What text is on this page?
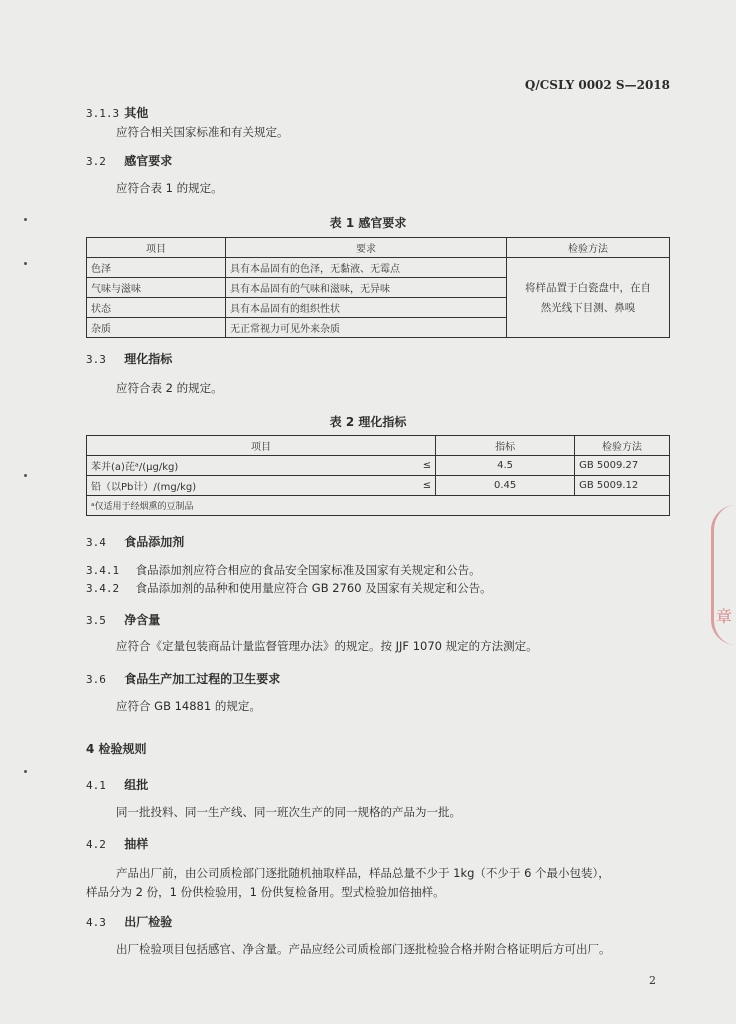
Q/CSLY 0002 S—2018
3.1.3 其他
应符合相关国家标准和有关规定。
3.2 感官要求
应符合表 1 的规定。
表 1 感官要求
项目	要求	检验方法
色泽	具有本品固有的色泽，无黏液、无霉点	将样品置于白瓷盘中，在自
然光线下目测、鼻嗅

气味与滋味	具有本品固有的气味和滋味，无异味	
状态	具有本品固有的组织性状	
杂质	无正常视力可见外来杂质	
3.3 理化指标
应符合表 2 的规定。
表 2 理化指标
项目		指标	检验方法
苯并(a)芘ᵃ/(μg/kg)	≤	4.5	GB 5009.27
铅（以Pb计）/(mg/kg)	≤	0.45	GB 5009.12
ᵃ仅适用于经烟熏的豆制品			
3.4 食品添加剂
3.4.1 食品添加剂应符合相应的食品安全国家标准及国家有关规定和公告。
3.4.2 食品添加剂的品种和使用量应符合 GB 2760 及国家有关规定和公告。
3.5 净含量
应符合《定量包装商品计量监督管理办法》的规定。按 JJF 1070 规定的方法测定。
3.6 食品生产加工过程的卫生要求
应符合 GB 14881 的规定。
4 检验规则
4.1 组批
同一批投料、同一生产线、同一班次生产的同一规格的产品为一批。
4.2 抽样
产品出厂前，由公司质检部门逐批随机抽取样品，样品总量不少于 1kg（不少于 6 个最小包装），
样品分为 2 份，1 份供检验用，1 份供复检备用。型式检验加倍抽样。
4.3 出厂检验
出厂检验项目包括感官、净含量。产品应经公司质检部门逐批检验合格并附合格证明后方可出厂。
2
章
